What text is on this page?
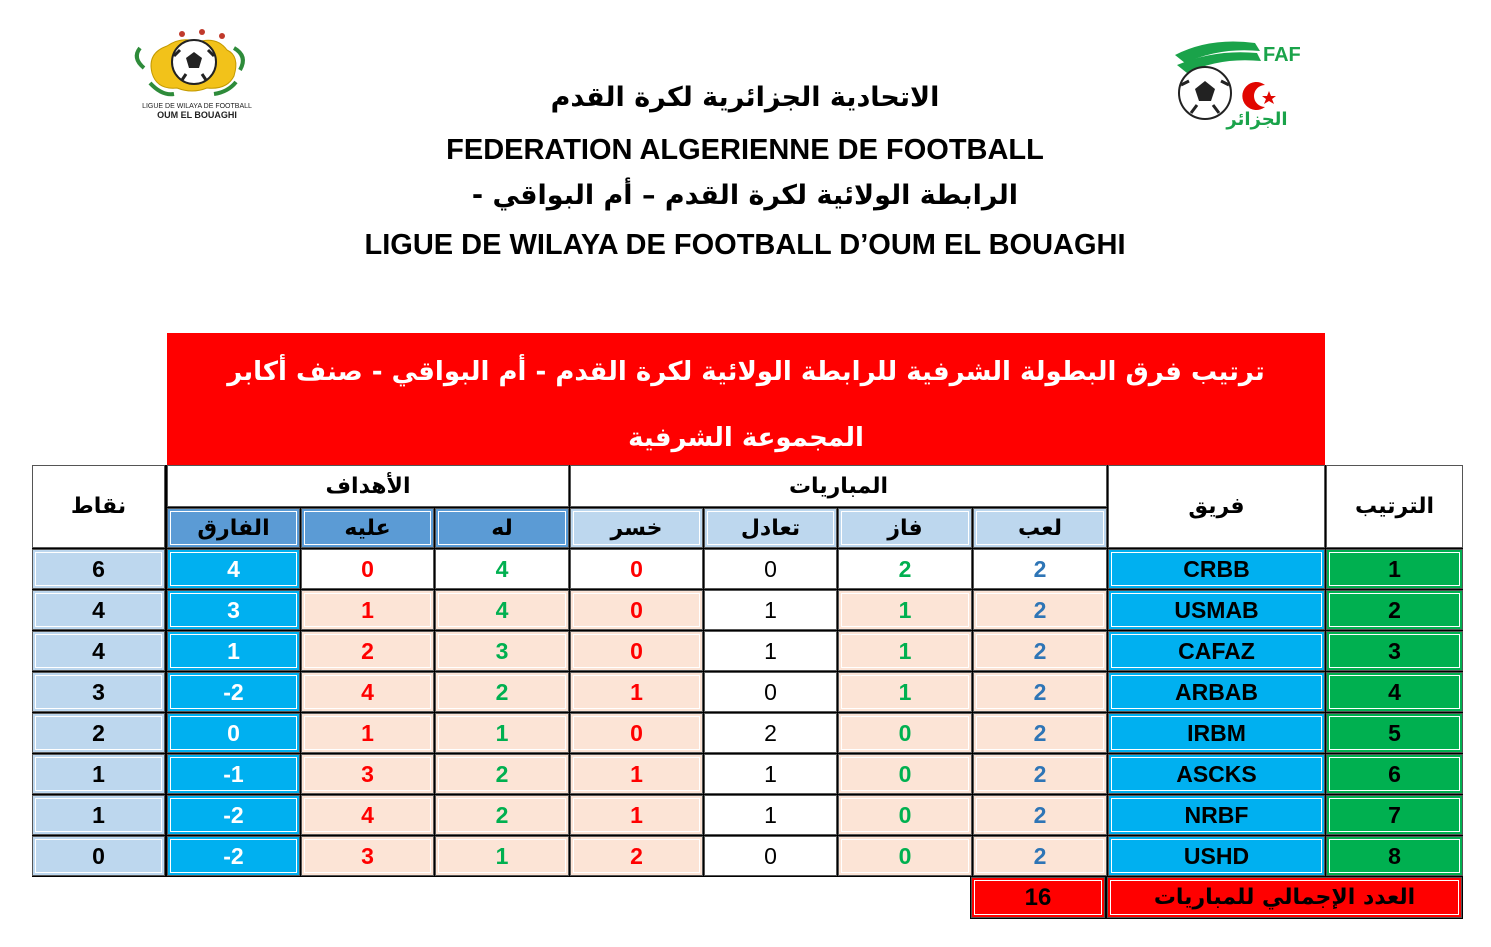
LIGUE DE WILAYA DE FOOTBALL
OUM EL BOUAGHI
FAF
الجزائر
الاتحادية الجزائرية لكرة القدم
FEDERATION ALGERIENNE DE FOOTBALL
الرابطة الولائية لكرة القدم – أم البواقي -
LIGUE DE WILAYA DE FOOTBALL D’OUM EL BOUAGHI
ترتيب فرق البطولة الشرفية للرابطة الولائية لكرة القدم - أم البواقي - صنف أكابر
المجموعة الشرفية
نقاط
الأهداف
الفارق	عليه	له
المباريات
خسر	تعادل	فاز	لعب
فريق	الترتيب
6	4	0	4	0	0	2	2	CRBB	1
4	3	1	4	0	1	1	2	USMAB	2
4	1	2	3	0	1	1	2	CAFAZ	3
3	-2	4	2	1	0	1	2	ARBAB	4
2	0	1	1	0	2	0	2	IRBM	5
1	-1	3	2	1	1	0	2	ASCKS	6
1	-2	4	2	1	1	0	2	NRBF	7
0	-2	3	1	2	0	0	2	USHD	8
16	العدد الإجمالي للمباريات
